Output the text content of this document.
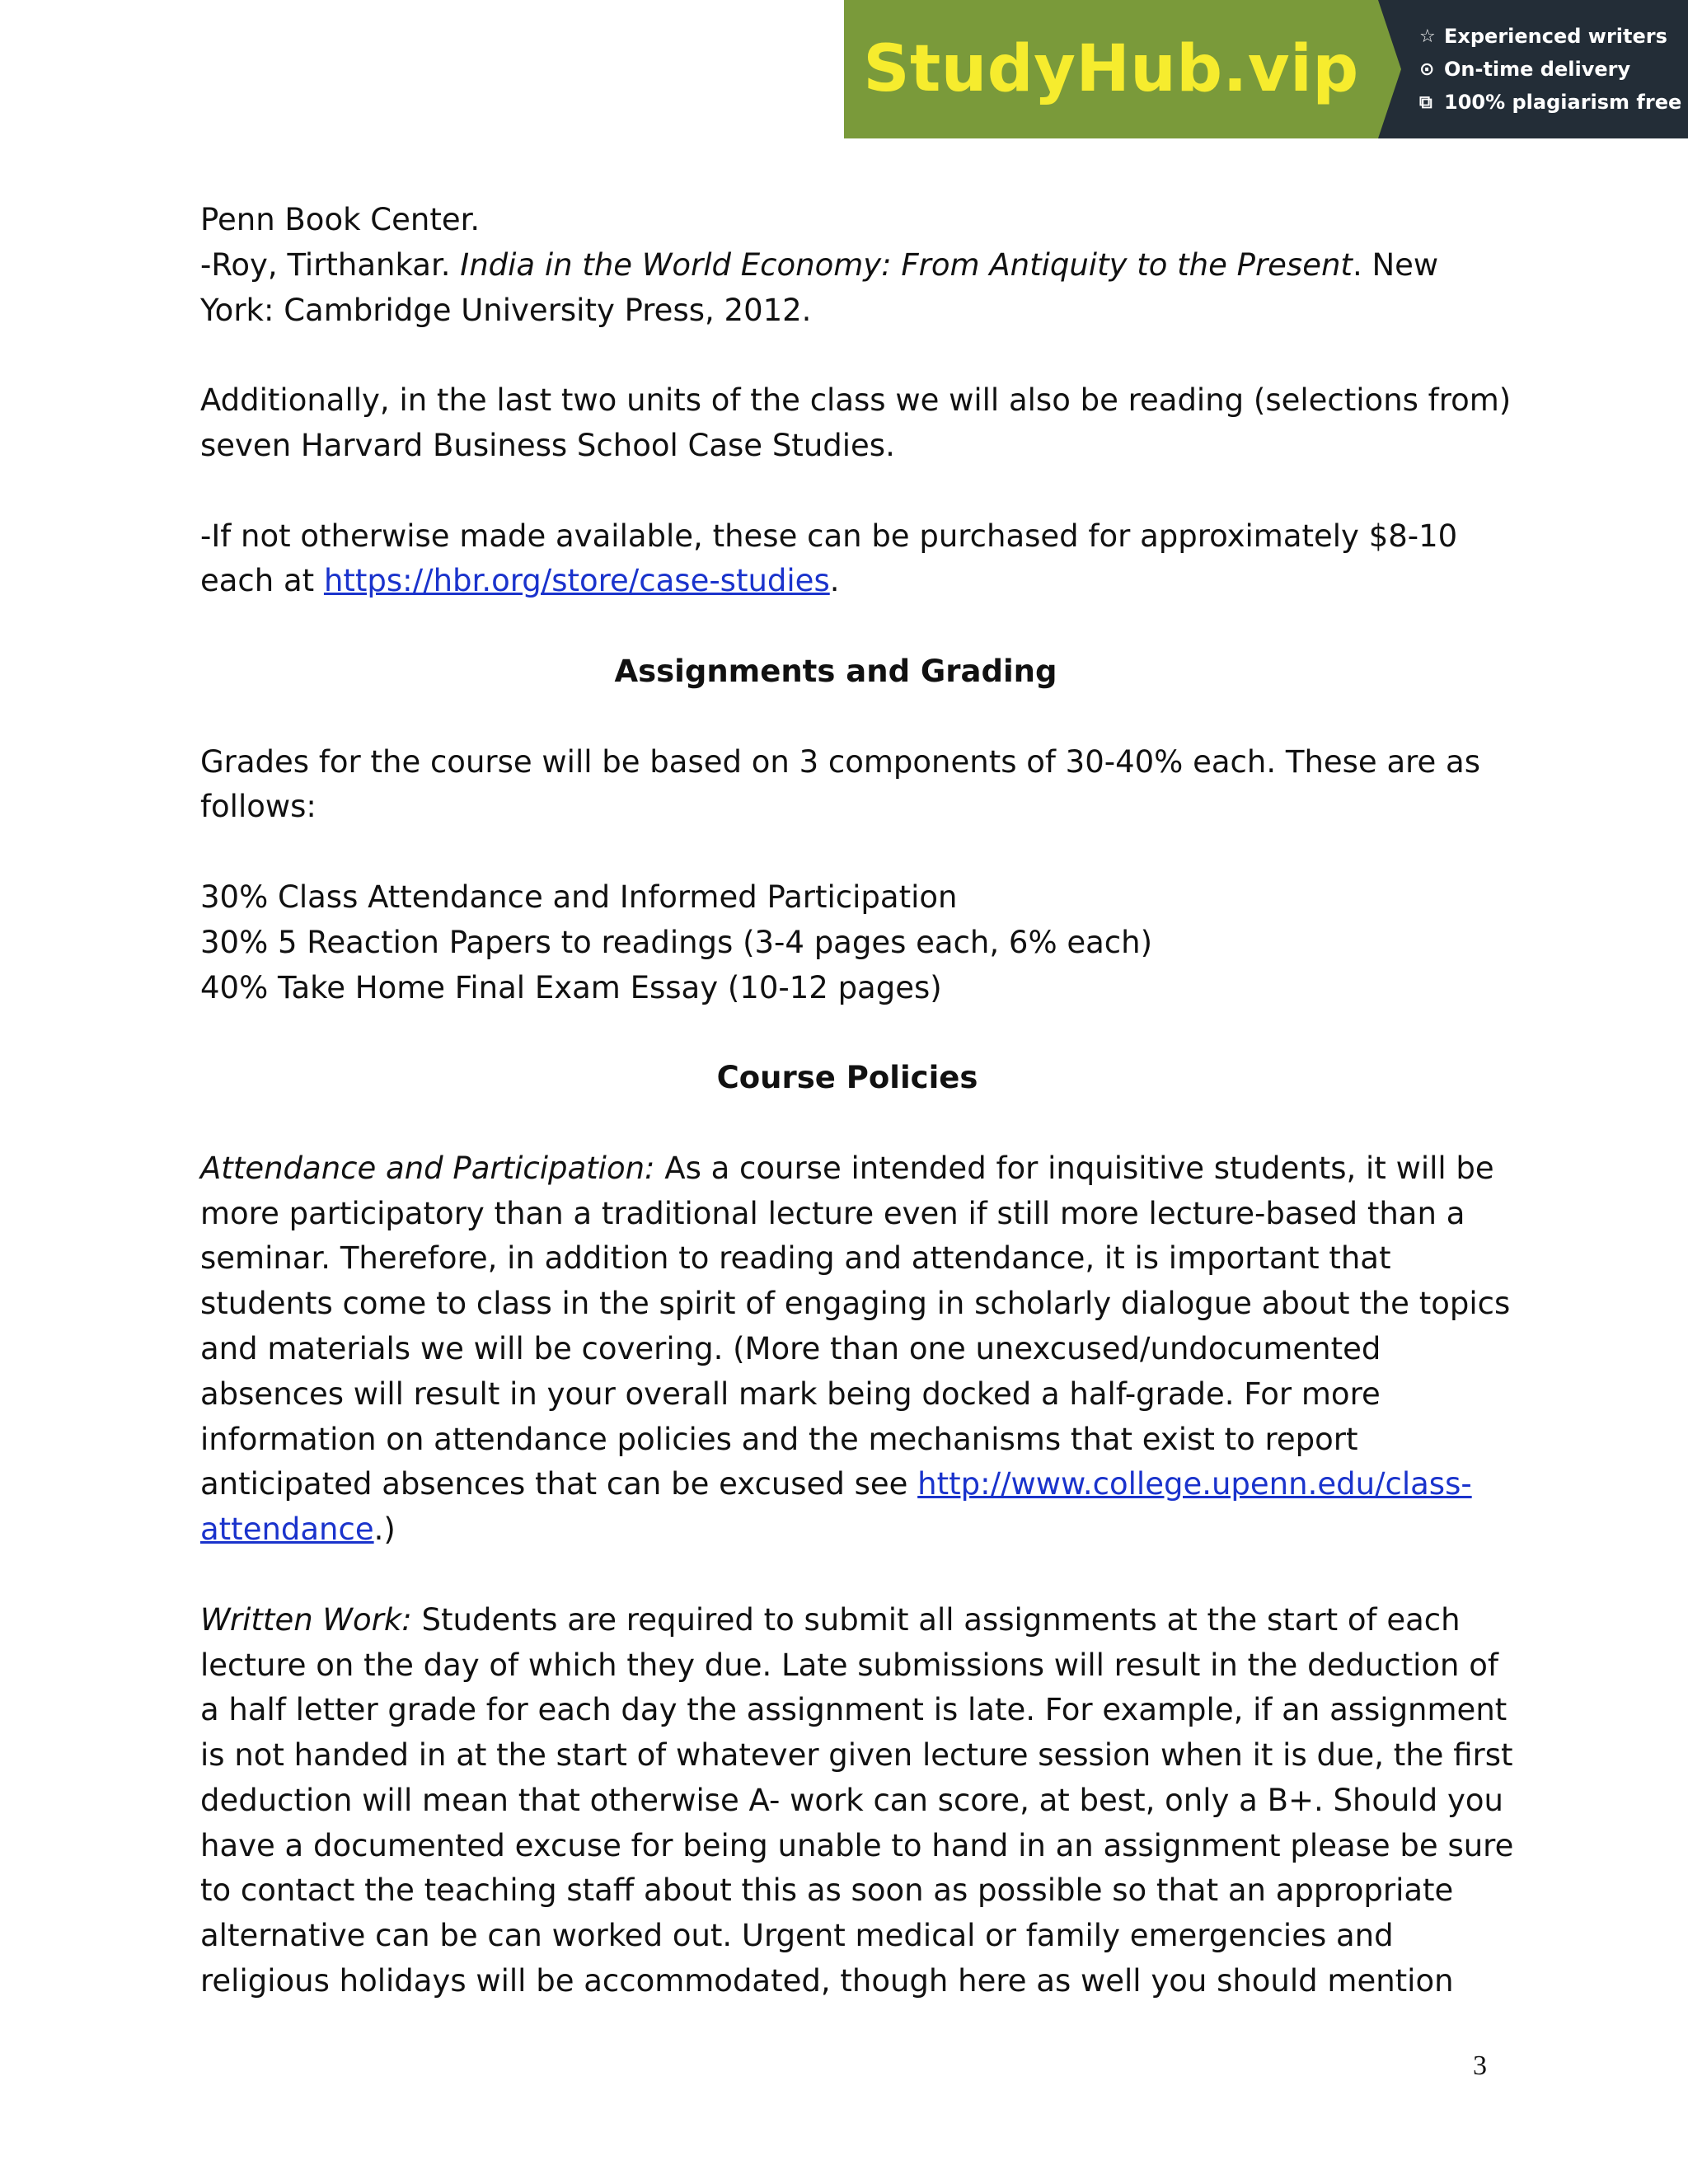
StudyHub.vip	☆ Experienced writers
⊙ On-time delivery
⧉ 100% plagiarism free
Penn Book Center.
-Roy, Tirthankar. India in the World Economy: From Antiquity to the Present. New
York: Cambridge University Press, 2012.
Additionally, in the last two units of the class we will also be reading (selections from)
seven Harvard Business School Case Studies.
-If not otherwise made available, these can be purchased for approximately $8-10
each at https://hbr.org/store/case-studies.
Assignments and Grading
Grades for the course will be based on 3 components of 30-40% each. These are as
follows:
30% Class Attendance and Informed Participation
30% 5 Reaction Papers to readings (3-4 pages each, 6% each)
40% Take Home Final Exam Essay (10-12 pages)
Course Policies
Attendance and Participation: As a course intended for inquisitive students, it will be
more participatory than a traditional lecture even if still more lecture-based than a
seminar. Therefore, in addition to reading and attendance, it is important that
students come to class in the spirit of engaging in scholarly dialogue about the topics
and materials we will be covering. (More than one unexcused/undocumented
absences will result in your overall mark being docked a half-grade. For more
information on attendance policies and the mechanisms that exist to report
anticipated absences that can be excused see http://www.college.upenn.edu/class-
attendance.)
Written Work: Students are required to submit all assignments at the start of each
lecture on the day of which they due. Late submissions will result in the deduction of
a half letter grade for each day the assignment is late. For example, if an assignment
is not handed in at the start of whatever given lecture session when it is due, the first
deduction will mean that otherwise A- work can score, at best, only a B+. Should you
have a documented excuse for being unable to hand in an assignment please be sure
to contact the teaching staff about this as soon as possible so that an appropriate
alternative can be can worked out. Urgent medical or family emergencies and
religious holidays will be accommodated, though here as well you should mention
3
